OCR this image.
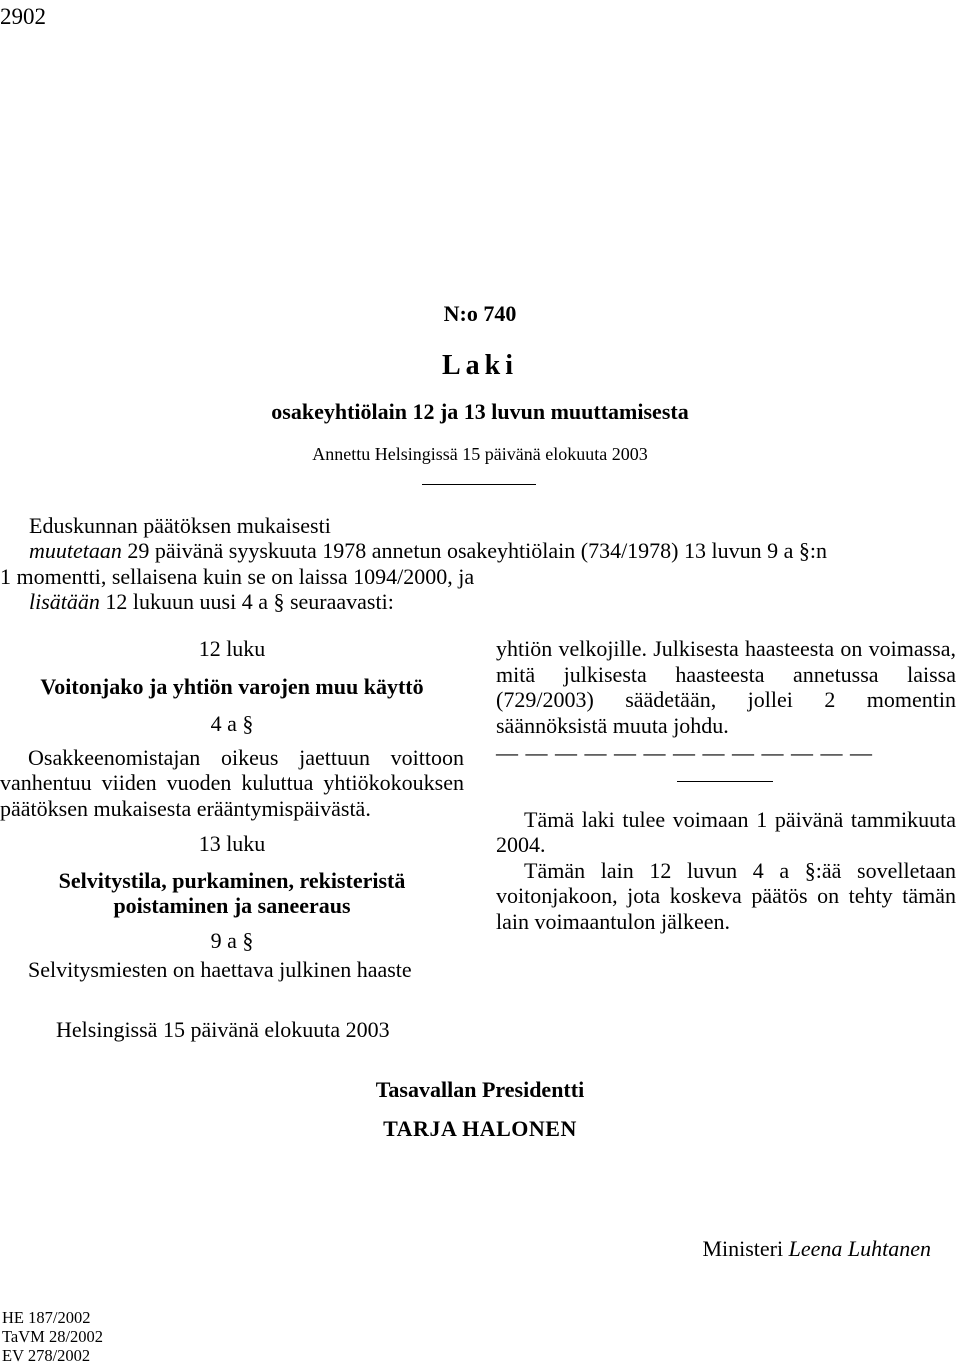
2902
N:o 740
Laki
osakeyhtiölain 12 ja 13 luvun muuttamisesta
Annettu Helsingissä 15 päivänä elokuuta 2003
Eduskunnan päätöksen mukaisesti
muutetaan 29 päivänä syyskuuta 1978 annetun osakeyhtiölain (734/1978) 13 luvun 9 a §:n
1 momentti, sellaisena kuin se on laissa 1094/2000, ja
lisätään 12 lukuun uusi 4 a § seuraavasti:

12 luku

Voitonjako ja yhtiön varojen muu käyttö

4 a §

Osakkeenomistajan oikeus jaettuun voittoon vanhentuu viiden vuoden kuluttua yhtiökokouksen päätöksen mukaisesta erääntymispäivästä.

13 luku

Selvitystila, purkaminen, rekisteristä poistaminen ja saneeraus

9 a §

Selvitysmiesten on haettava julkinen haaste

yhtiön velkojille. Julkisesta haasteesta on voimassa, mitä julkisesta haasteesta annetussa laissa (729/2003) säädetään, jollei 2 momentin säännöksistä muuta johdu.

— — — — — — — — — — — — —

Tämä laki tulee voimaan 1 päivänä tammikuuta 2004.

Tämän lain 12 luvun 4 a §:ää sovelletaan voitonjakoon, jota koskeva päätös on tehty tämän lain voimaantulon jälkeen.

Helsingissä 15 päivänä elokuuta 2003
Tasavallan Presidentti
TARJA HALONEN
Ministeri Leena Luhtanen
HE 187/2002
TaVM 28/2002
EV 278/2002
